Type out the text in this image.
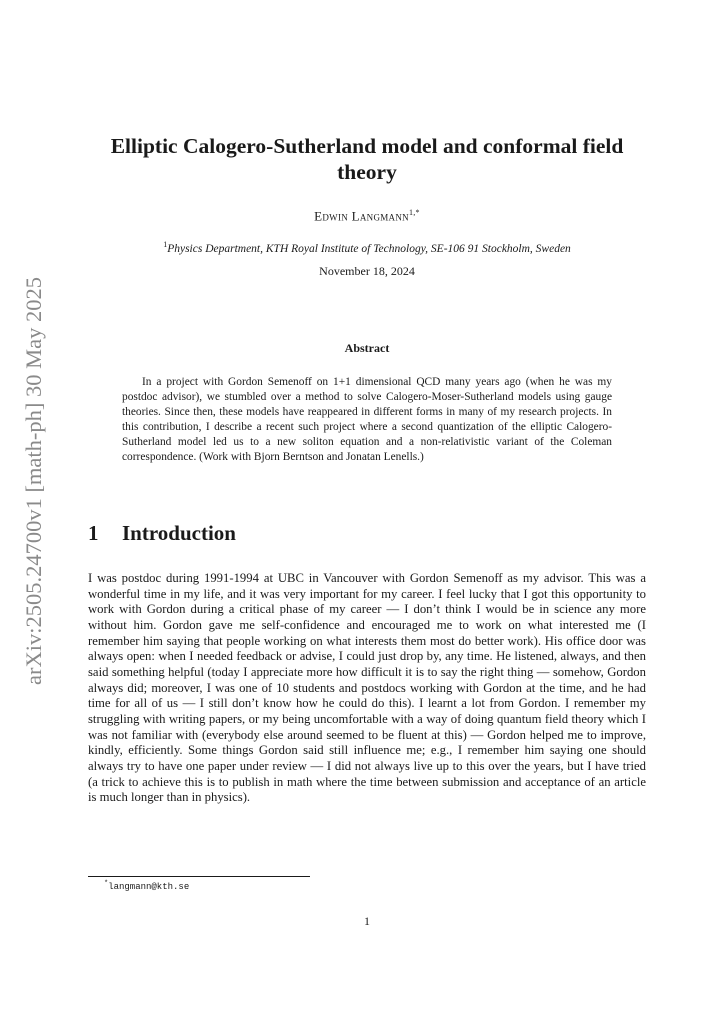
arXiv:2505.24700v1 [math-ph] 30 May 2025
Elliptic Calogero-Sutherland model and conformal field theory
Edwin Langmann$^{1,*}$
$^1$Physics Department, KTH Royal Institute of Technology, SE-106 91 Stockholm, Sweden
November 18, 2024
Abstract
In a project with Gordon Semenoff on 1+1 dimensional QCD many years ago (when he was my postdoc advisor), we stumbled over a method to solve Calogero-Moser-Sutherland models using gauge theories. Since then, these models have reappeared in different forms in many of my research projects. In this contribution, I describe a recent such project where a second quantization of the elliptic Calogero-Sutherland model led us to a new soliton equation and a non-relativistic variant of the Coleman correspondence. (Work with Bjorn Berntson and Jonatan Lenells.)
1 Introduction
I was postdoc during 1991-1994 at UBC in Vancouver with Gordon Semenoff as my advisor. This was a wonderful time in my life, and it was very important for my career. I feel lucky that I got this opportunity to work with Gordon during a critical phase of my career — I don’t think I would be in science any more without him. Gordon gave me self-confidence and encouraged me to work on what interested me (I remember him saying that people working on what interests them most do better work). His office door was always open: when I needed feedback or advise, I could just drop by, any time. He listened, always, and then said something helpful (today I appreciate more how difficult it is to say the right thing — somehow, Gordon always did; moreover, I was one of 10 students and postdocs working with Gordon at the time, and he had time for all of us — I still don’t know how he could do this). I learnt a lot from Gordon. I remember my struggling with writing papers, or my being uncomfortable with a way of doing quantum field theory which I was not familiar with (everybody else around seemed to be fluent at this) — Gordon helped me to improve, kindly, efficiently. Some things Gordon said still influence me; e.g., I remember him saying one should always try to have one paper under review — I did not always live up to this over the years, but I have tried (a trick to achieve this is to publish in math where the time between submission and acceptance of an article is much longer than in physics).
*langmann@kth.se
1
